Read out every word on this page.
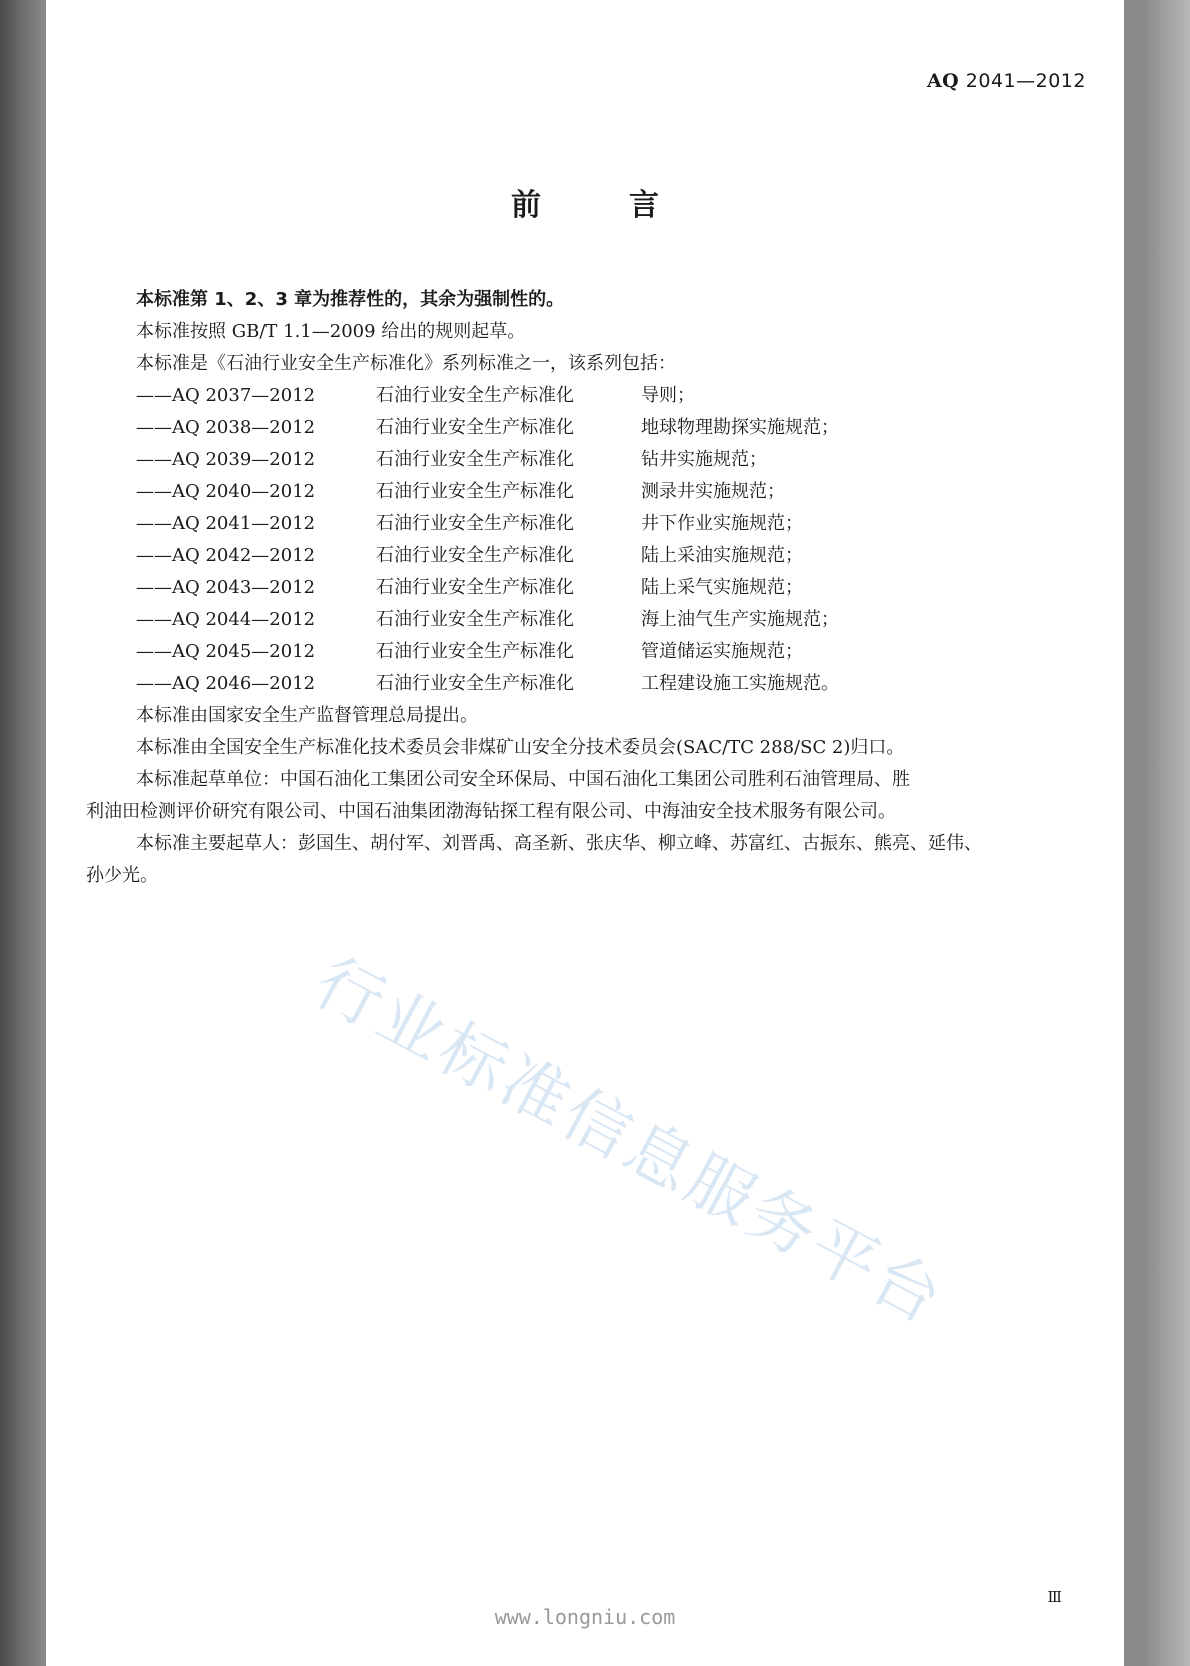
AQ 2041—2012
前	言
本标准第 1、2、3 章为推荐性的，其余为强制性的。
本标准按照 GB/T 1.1—2009 给出的规则起草。
本标准是《石油行业安全生产标准化》系列标准之一，该系列包括：
——AQ 2037—2012	石油行业安全生产标准化	导则；
——AQ 2038—2012	石油行业安全生产标准化	地球物理勘探实施规范；
——AQ 2039—2012	石油行业安全生产标准化	钻井实施规范；
——AQ 2040—2012	石油行业安全生产标准化	测录井实施规范；
——AQ 2041—2012	石油行业安全生产标准化	井下作业实施规范；
——AQ 2042—2012	石油行业安全生产标准化	陆上采油实施规范；
——AQ 2043—2012	石油行业安全生产标准化	陆上采气实施规范；
——AQ 2044—2012	石油行业安全生产标准化	海上油气生产实施规范；
——AQ 2045—2012	石油行业安全生产标准化	管道储运实施规范；
——AQ 2046—2012	石油行业安全生产标准化	工程建设施工实施规范。
本标准由国家安全生产监督管理总局提出。
本标准由全国安全生产标准化技术委员会非煤矿山安全分技术委员会(SAC/TC 288/SC 2)归口。
本标准起草单位：中国石油化工集团公司安全环保局、中国石油化工集团公司胜利石油管理局、胜
利油田检测评价研究有限公司、中国石油集团渤海钻探工程有限公司、中海油安全技术服务有限公司。
本标准主要起草人：彭国生、胡付军、刘晋禹、高圣新、张庆华、柳立峰、苏富红、古振东、熊亮、延伟、
孙少光。
行业标准信息服务平台
www.longniu.com
Ⅲ
